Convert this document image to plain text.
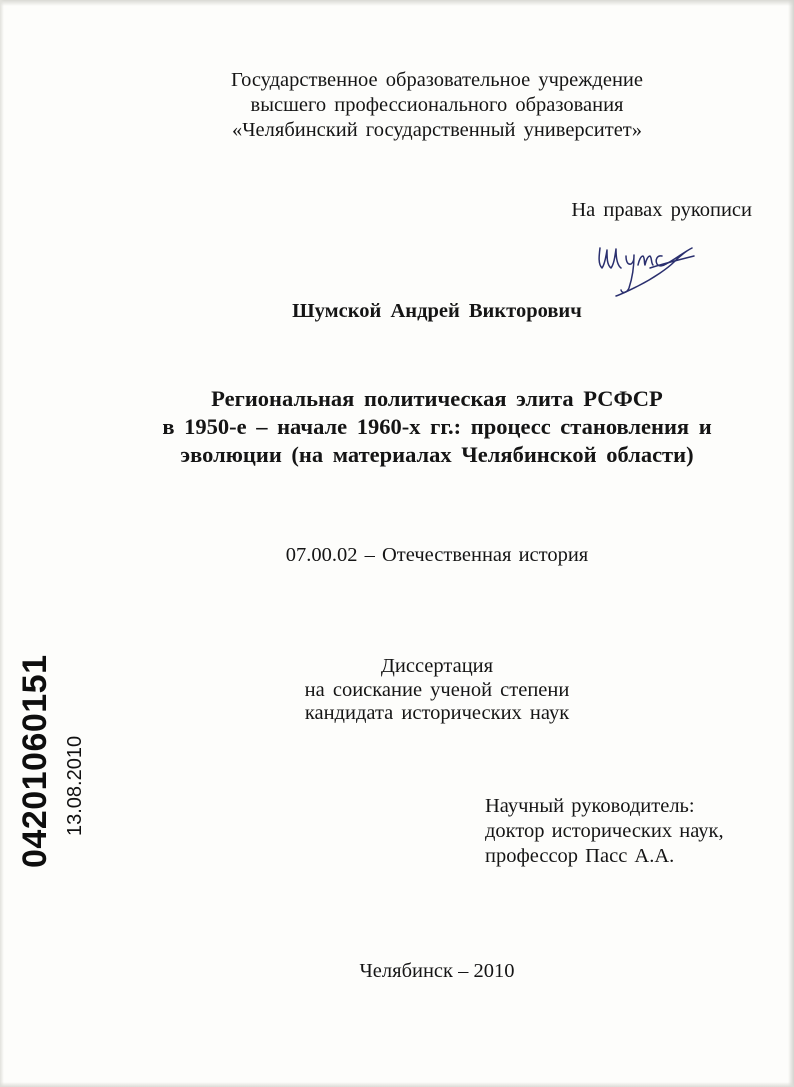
Государственное образовательное учреждение
высшего профессионального образования
«Челябинский государственный университет»
На правах рукописи
Шумской Андрей Викторович
Региональная политическая элита РСФСР
в 1950-е – начале 1960-х гг.: процесс становления и
эволюции (на материалах Челябинской области)
07.00.02 – Отечественная история
Диссертация
на соискание ученой степени
кандидата исторических наук
Научный руководитель:
доктор исторических наук,
профессор Пасс А.А.
Челябинск – 2010
04201060151 13.08.2010
